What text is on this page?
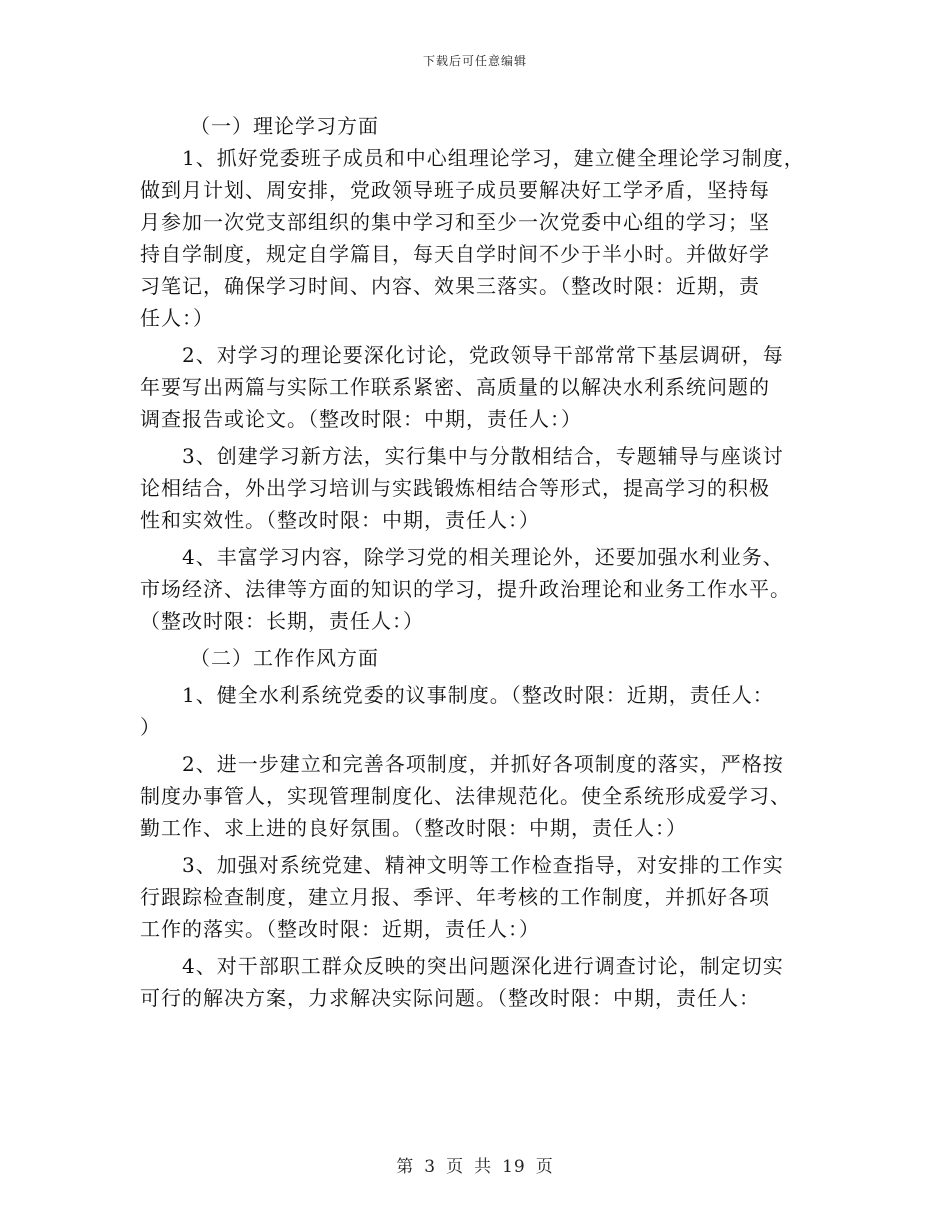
下载后可任意编辑
（一）理论学习方面
1、抓好党委班子成员和中心组理论学习，建立健全理论学习制度，
做到月计划、周安排，党政领导班子成员要解决好工学矛盾，坚持每
月参加一次党支部组织的集中学习和至少一次党委中心组的学习；坚
持自学制度，规定自学篇目，每天自学时间不少于半小时。并做好学
习笔记，确保学习时间、内容、效果三落实。（整改时限：近期，责
任人：）
2、对学习的理论要深化讨论，党政领导干部常常下基层调研，每
年要写出两篇与实际工作联系紧密、高质量的以解决水利系统问题的
调查报告或论文。（整改时限：中期，责任人：）
3、创建学习新方法，实行集中与分散相结合，专题辅导与座谈讨
论相结合，外出学习培训与实践锻炼相结合等形式，提高学习的积极
性和实效性。（整改时限：中期，责任人：）
4、丰富学习内容，除学习党的相关理论外，还要加强水利业务、
市场经济、法律等方面的知识的学习，提升政治理论和业务工作水平。
（整改时限：长期，责任人：）
（二）工作作风方面
1、健全水利系统党委的议事制度。（整改时限：近期，责任人：
）
2、进一步建立和完善各项制度，并抓好各项制度的落实，严格按
制度办事管人，实现管理制度化、法律规范化。使全系统形成爱学习、
勤工作、求上进的良好氛围。（整改时限：中期，责任人：）
3、加强对系统党建、精神文明等工作检查指导，对安排的工作实
行跟踪检查制度，建立月报、季评、年考核的工作制度，并抓好各项
工作的落实。（整改时限：近期，责任人：）
4、对干部职工群众反映的突出问题深化进行调查讨论，制定切实
可行的解决方案，力求解决实际问题。（整改时限：中期，责任人：
第 3 页 共 19 页
